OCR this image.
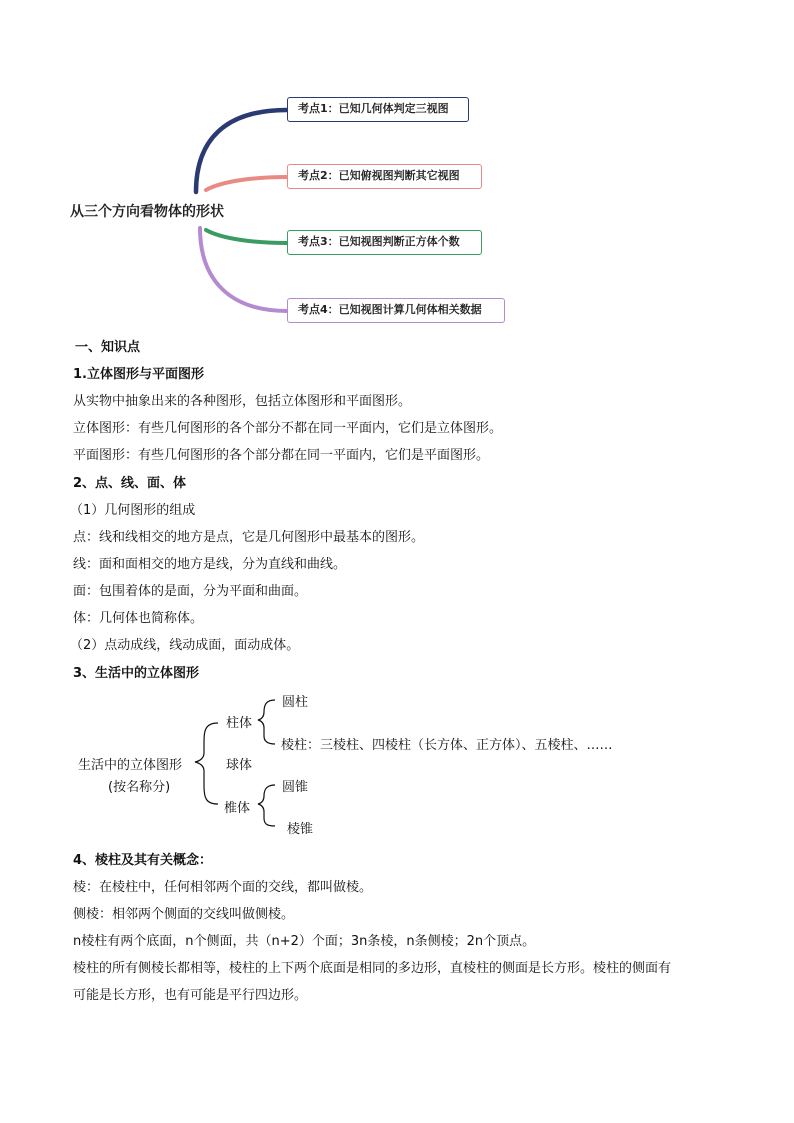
从三个方向看物体的形状
考点1：已知几何体判定三视图
考点2：已知俯视图判断其它视图
考点3：已知视图判断正方体个数
考点4：已知视图计算几何体相关数据
一、知识点
1.立体图形与平面图形
从实物中抽象出来的各种图形，包括立体图形和平面图形。
立体图形：有些几何图形的各个部分不都在同一平面内，它们是立体图形。
平面图形：有些几何图形的各个部分都在同一平面内，它们是平面图形。
2、点、线、面、体
（1）几何图形的组成
点：线和线相交的地方是点，它是几何图形中最基本的图形。
线：面和面相交的地方是线，分为直线和曲线。
面：包围着体的是面，分为平面和曲面。
体：几何体也简称体。
（2）点动成线，线动成面，面动成体。
3、生活中的立体图形
生活中的立体图形
(按名称分)
柱体
球体
椎体
圆柱
棱柱：三棱柱、四棱柱（长方体、正方体）、五棱柱、……
圆锥
棱锥
4、棱柱及其有关概念：
棱：在棱柱中，任何相邻两个面的交线，都叫做棱。
侧棱：相邻两个侧面的交线叫做侧棱。
n棱柱有两个底面，n个侧面，共（n+2）个面；3n条棱，n条侧棱；2n个顶点。
棱柱的所有侧棱长都相等，棱柱的上下两个底面是相同的多边形，直棱柱的侧面是长方形。棱柱的侧面有
可能是长方形，也有可能是平行四边形。
